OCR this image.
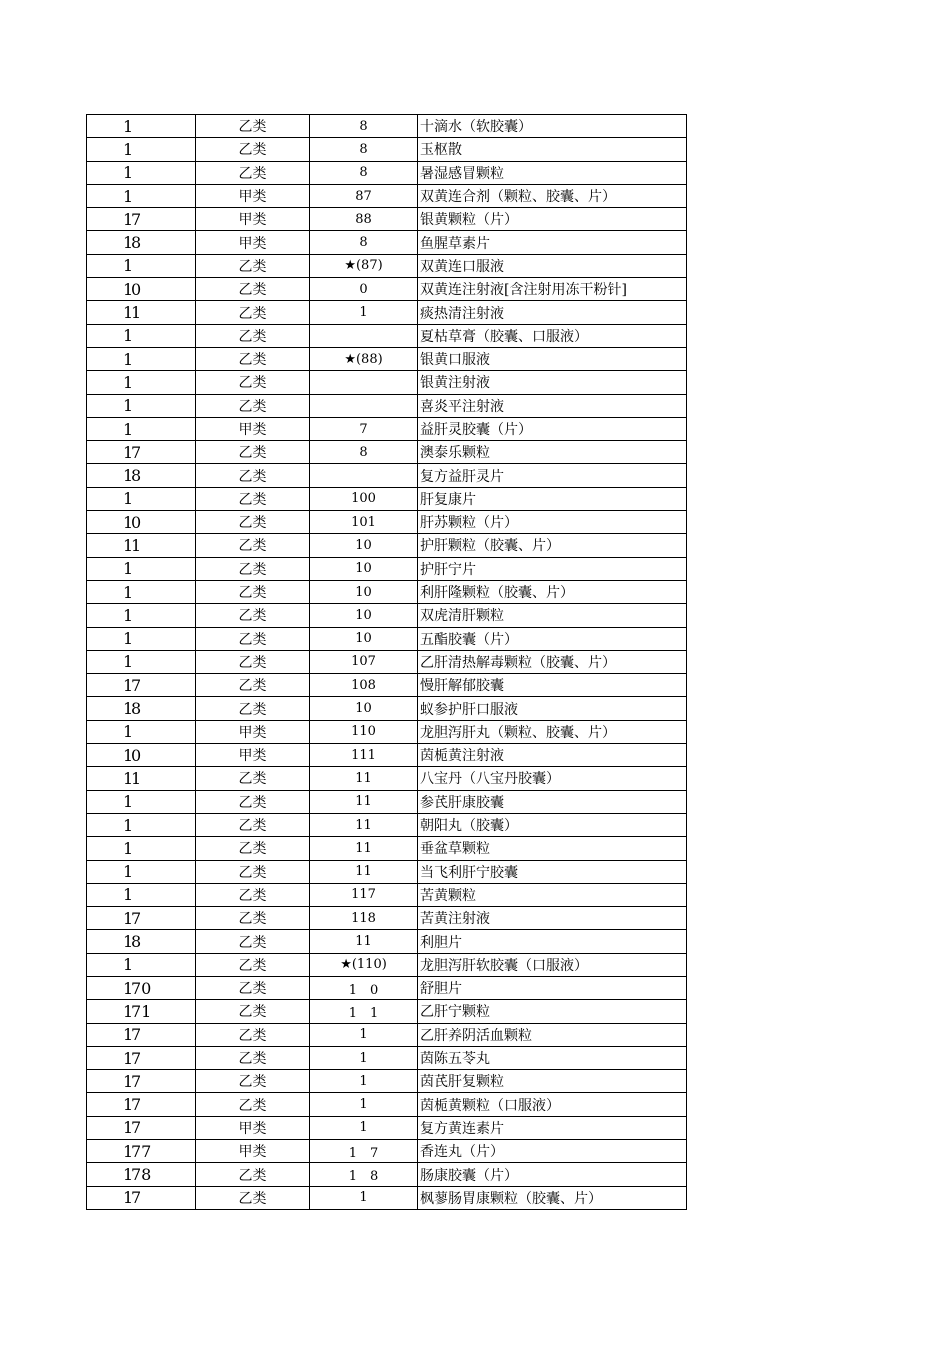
1	乙类	8	十滴水（软胶囊）
1	乙类	8	玉枢散
1	乙类	8	暑湿感冒颗粒
1	甲类	87	双黄连合剂（颗粒、胶囊、片）
17	甲类	88	银黄颗粒（片）
18	甲类	8	鱼腥草素片
1	乙类	★(87)	双黄连口服液
10	乙类	0	双黄连注射液[含注射用冻干粉针]
11	乙类	1	痰热清注射液
1	乙类		夏枯草膏（胶囊、口服液）
1	乙类	★(88)	银黄口服液
1	乙类		银黄注射液
1	乙类		喜炎平注射液
1	甲类	7	益肝灵胶囊（片）
17	乙类	8	澳泰乐颗粒
18	乙类		复方益肝灵片
1	乙类	100	肝复康片
10	乙类	101	肝苏颗粒（片）
11	乙类	10	护肝颗粒（胶囊、片）
1	乙类	10	护肝宁片
1	乙类	10	利肝隆颗粒（胶囊、片）
1	乙类	10	双虎清肝颗粒
1	乙类	10	五酯胶囊（片）
1	乙类	107	乙肝清热解毒颗粒（胶囊、片）
17	乙类	108	慢肝解郁胶囊
18	乙类	10	蚁参护肝口服液
1	甲类	110	龙胆泻肝丸（颗粒、胶囊、片）
10	甲类	111	茵栀黄注射液
11	乙类	11	八宝丹（八宝丹胶囊）
1	乙类	11	参芪肝康胶囊
1	乙类	11	朝阳丸（胶囊）
1	乙类	11	垂盆草颗粒
1	乙类	11	当飞利肝宁胶囊
1	乙类	117	苦黄颗粒
17	乙类	118	苦黄注射液
18	乙类	11	利胆片
1	乙类	★(110)	龙胆泻肝软胶囊（口服液）
170	乙类	1　0	舒胆片
171	乙类	1　1	乙肝宁颗粒
17	乙类	1	乙肝养阴活血颗粒
17	乙类	1	茵陈五苓丸
17	乙类	1	茵芪肝复颗粒
17	乙类	1	茵栀黄颗粒（口服液）
17	甲类	1	复方黄连素片
177	甲类	1　7	香连丸（片）
178	乙类	1　8	肠康胶囊（片）
17	乙类	1	枫蓼肠胃康颗粒（胶囊、片）
